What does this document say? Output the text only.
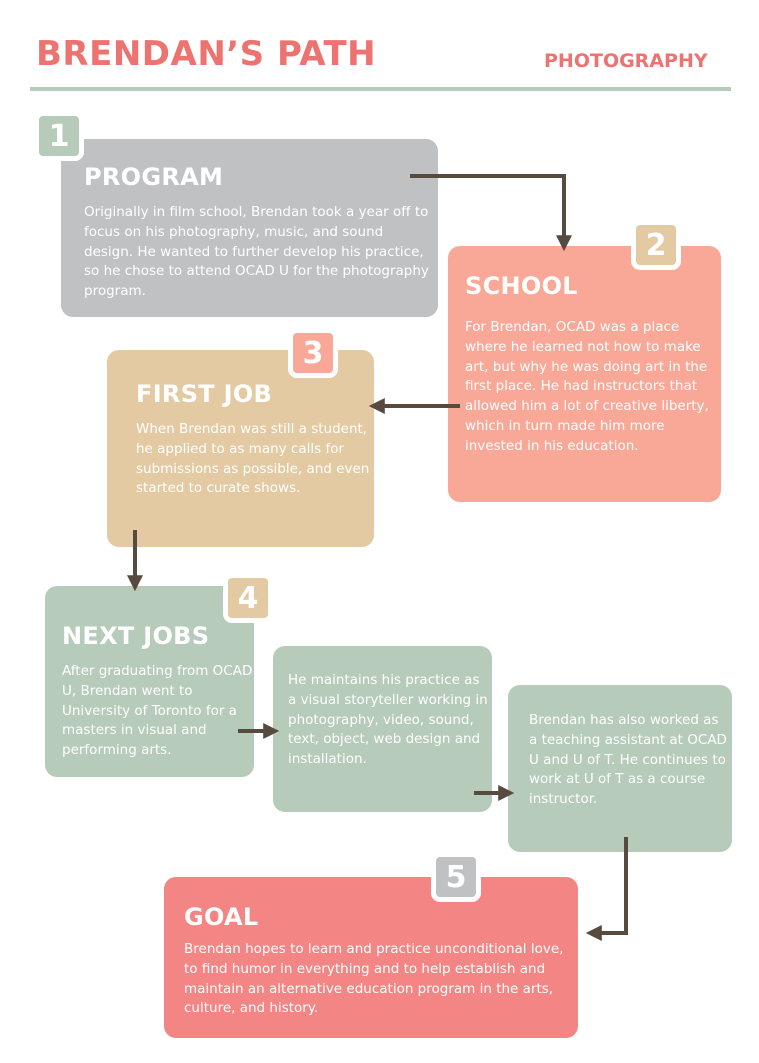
BRENDAN’S PATH	PHOTOGRAPHY
PROGRAM

Originally in film school, Brendan took a year off to focus on his photography, music, and sound design. He wanted to further develop his practice, so he chose to attend OCAD U for the photography program.

1
SCHOOL

For Brendan, OCAD was a place where he learned not how to make art, but why he was doing art in the first place. He had instructors that allowed him a lot of creative liberty, which in turn made him more invested in his education.

2
FIRST JOB

When Brendan was still a student, he applied to as many calls for submissions as possible, and even started to curate shows.

3
NEXT JOBS

After graduating from OCAD U, Brendan went to University of Toronto for a masters in visual and performing arts.

4

He maintains his practice as a visual storyteller working in photography, video, sound, text, object, web design and installation.

Brendan has also worked as a teaching assistant at OCAD U and U of T. He continues to work at U of T as a course instructor.

GOAL

Brendan hopes to learn and practice unconditional love, to find humor in everything and to help establish and maintain an alternative education program in the arts, culture, and history.

5
